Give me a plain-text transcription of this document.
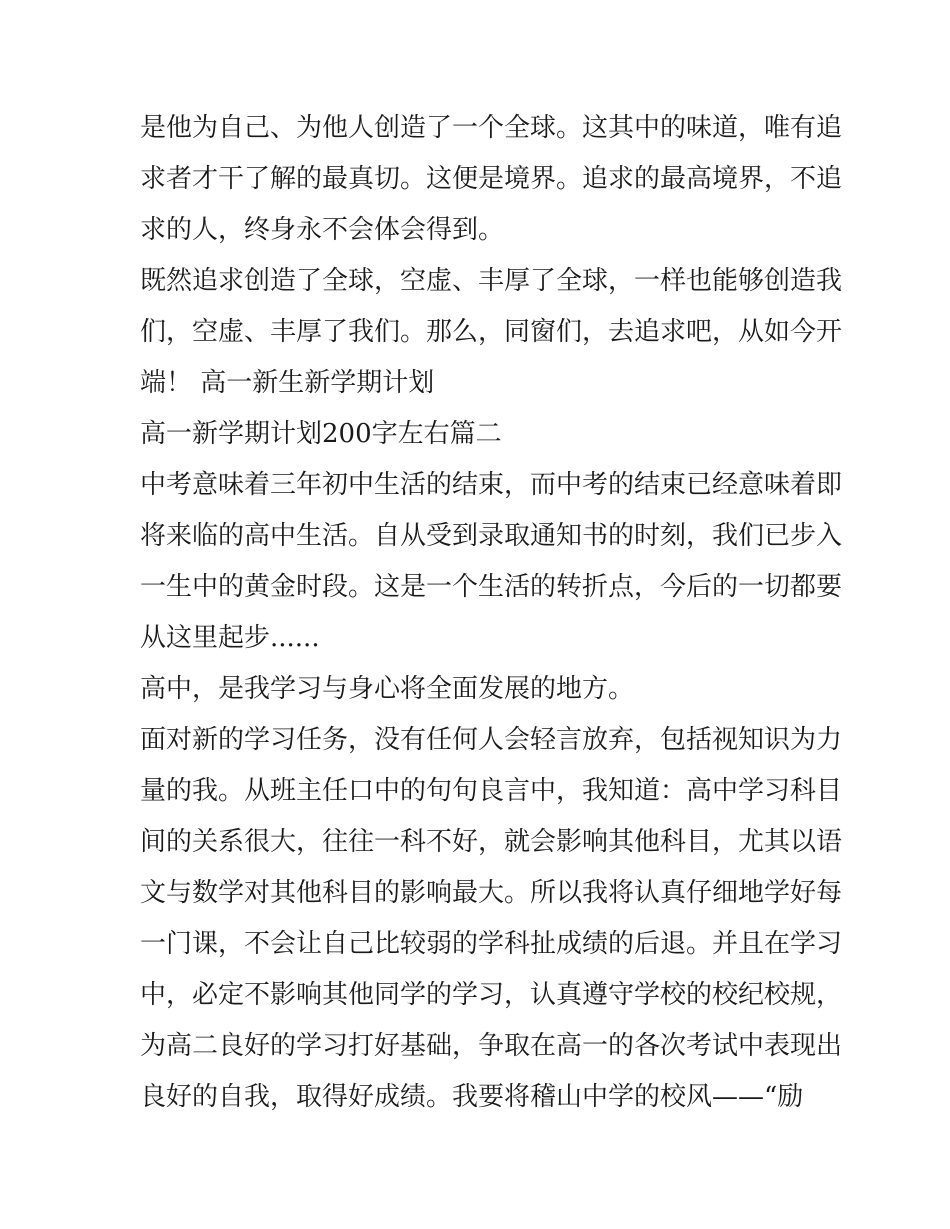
是他为自己、为他人创造了一个全球。这其中的味道，唯有追

求者才干了解的最真切。这便是境界。追求的最高境界，不追

求的人，终身永不会体会得到。

既然追求创造了全球，空虚、丰厚了全球，一样也能够创造我

们，空虚、丰厚了我们。那么，同窗们，去追求吧，从如今开

端！ 高一新生新学期计划

高一新学期计划200字左右篇二

中考意味着三年初中生活的结束，而中考的结束已经意味着即

将来临的高中生活。自从受到录取通知书的时刻，我们已步入

一生中的黄金时段。这是一个生活的转折点，今后的一切都要

从这里起步......

高中，是我学习与身心将全面发展的地方。

面对新的学习任务，没有任何人会轻言放弃，包括视知识为力

量的我。从班主任口中的句句良言中，我知道：高中学习科目

间的关系很大，往往一科不好，就会影响其他科目，尤其以语

文与数学对其他科目的影响最大。所以我将认真仔细地学好每

一门课，不会让自己比较弱的学科扯成绩的后退。并且在学习

中，必定不影响其他同学的学习，认真遵守学校的校纪校规，

为高二良好的学习打好基础，争取在高一的各次考试中表现出

良好的自我，取得好成绩。我要将稽山中学的校风——“励
